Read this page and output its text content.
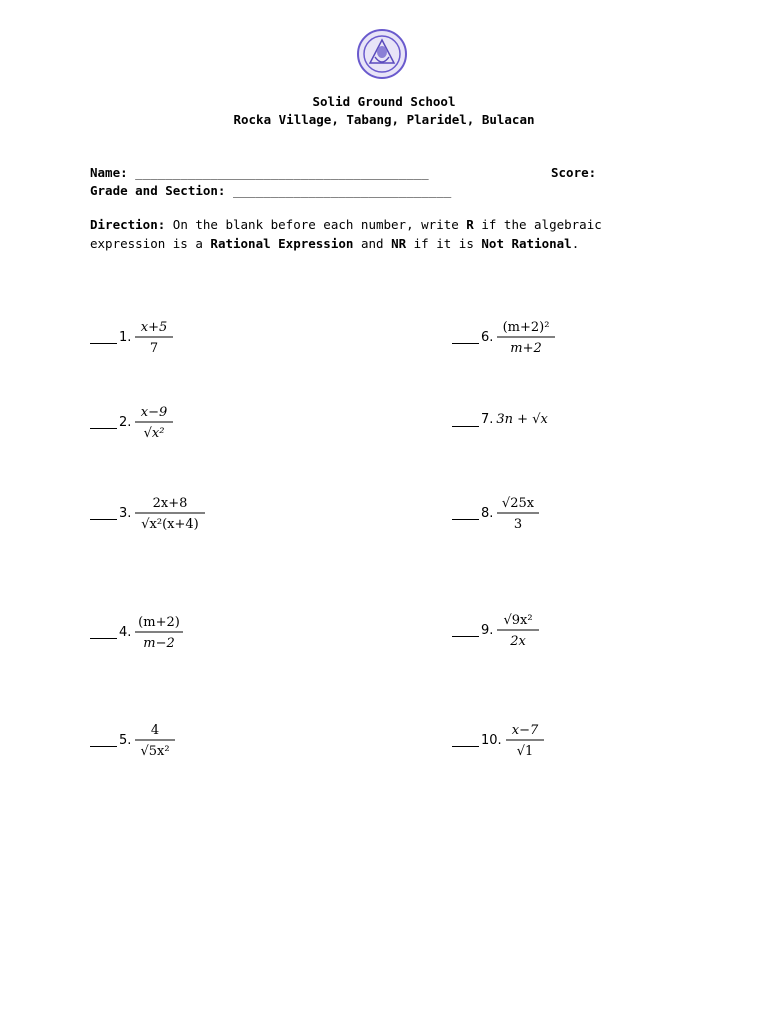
Solid Ground School
Rocka Village, Tabang, Plaridel, Bulacan
Name: _______________________________________	Score:
Grade and Section: _____________________________
Direction: On the blank before each number, write R if the algebraic expression is a Rational Expression and NR if it is Not Rational.
1.
x+5
7
2.
x−9
√x²
3.
2x+8
√x²(x+4)
4.
(m+2)
m−2
5.
4
√5x²
6.
(m+2)²
m+2
7. 3n + √x
8.
√25x
3
9.
√9x²
2x
10.
x−7
√1
